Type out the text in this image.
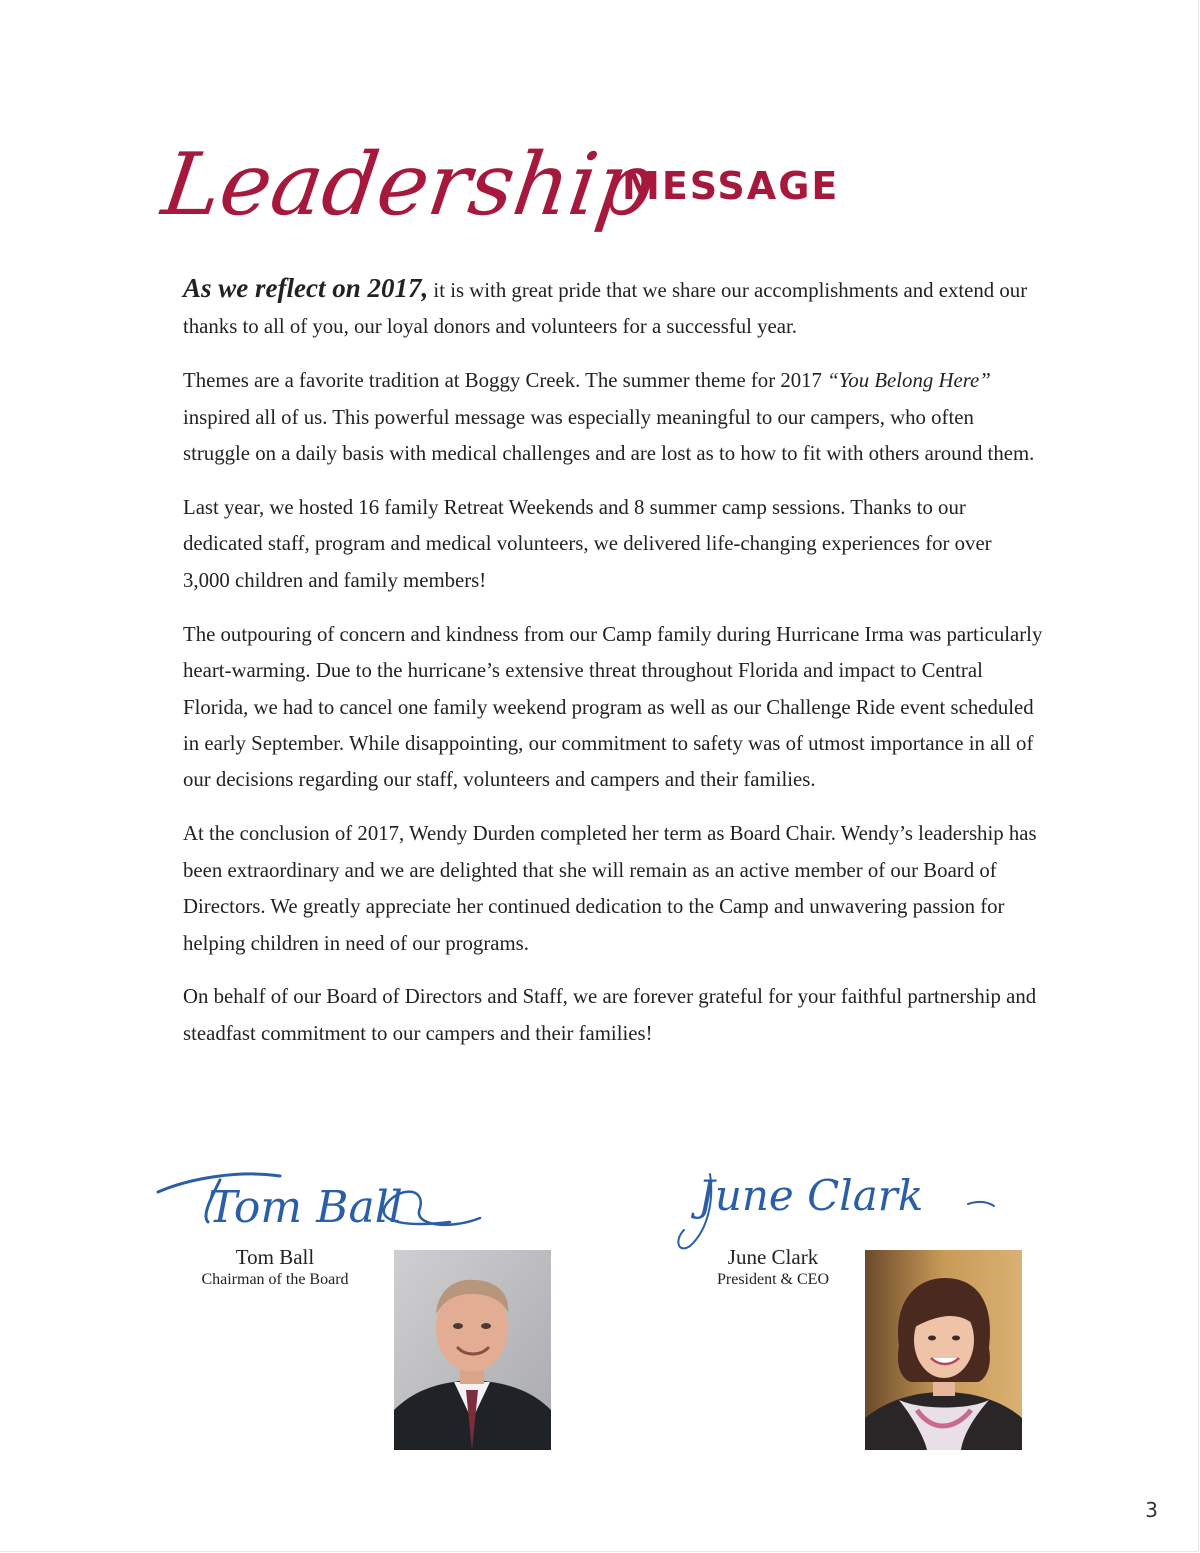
Leadership
MESSAGE

As we reflect on 2017, it is with great pride that we share our accomplishments and extend our thanks to all of you, our loyal donors and volunteers for a successful year.

Themes are a favorite tradition at Boggy Creek. The summer theme for 2017 “You Belong Here” inspired all of us. This powerful message was especially meaningful to our campers, who often struggle on a daily basis with medical challenges and are lost as to how to fit with others around them.

Last year, we hosted 16 family Retreat Weekends and 8 summer camp sessions. Thanks to our dedicated staff, program and medical volunteers, we delivered life-changing experiences for over 3,000 children and family members!

The outpouring of concern and kindness from our Camp family during Hurricane Irma was particularly heart-warming. Due to the hurricane’s extensive threat throughout Florida and impact to Central Florida, we had to cancel one family weekend program as well as our Challenge Ride event scheduled in early September. While disappointing, our commitment to safety was of utmost importance in all of our decisions regarding our staff, volunteers and campers and their families.

At the conclusion of 2017, Wendy Durden completed her term as Board Chair. Wendy’s leadership has been extraordinary and we are delighted that she will remain as an active member of our Board of Directors. We greatly appreciate her continued dedication to the Camp and unwavering passion for helping children in need of our programs.

On behalf of our Board of Directors and Staff, we are forever grateful for your faithful partnership and steadfast commitment to our campers and their families!

Tom Ball
Tom Ball
Chairman of the Board
June Clark
June Clark
President & CEO
3
